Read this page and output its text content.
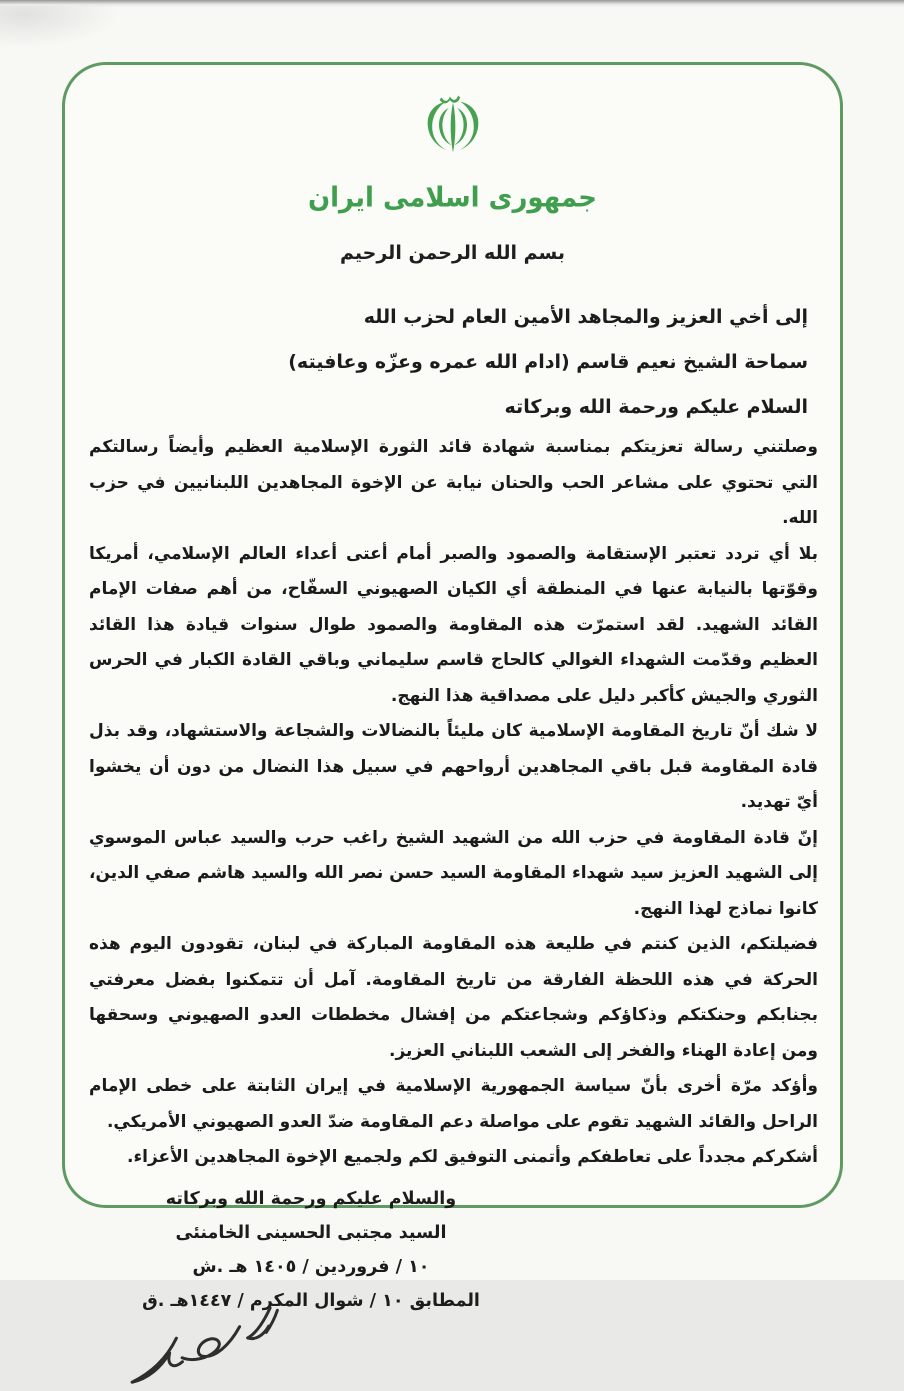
جمهوری اسلامی ایران
بسم الله الرحمن الرحيم

إلى أخي العزيز والمجاهد الأمين العام لحزب الله

سماحة الشيخ نعيم قاسم (ادام الله عمره وعزّه وعافيته)

السلام عليكم ورحمة الله وبركاته

وصلتني رسالة تعزيتكم بمناسبة شهادة قائد الثورة الإسلامية العظيم وأيضاً رسالتكم التي تحتوي على مشاعر الحب والحنان نيابة عن الإخوة المجاهدين اللبنانيين في حزب الله.

بلا أي تردد تعتبر الإستقامة والصمود والصبر أمام أعتى أعداء العالم الإسلامي، أمريكا وقوّتها بالنيابة عنها في المنطقة أي الكيان الصهيوني السفّاح، من أهم صفات الإمام القائد الشهيد. لقد استمرّت هذه المقاومة والصمود طوال سنوات قيادة هذا القائد العظيم وقدّمت الشهداء الغوالي كالحاج قاسم سليماني وباقي القادة الكبار في الحرس الثوري والجيش كأكبر دليل على مصداقية هذا النهج.

لا شك أنّ تاريخ المقاومة الإسلامية كان مليئاً بالنضالات والشجاعة والاستشهاد، وقد بذل قادة المقاومة قبل باقي المجاهدين أرواحهم في سبيل هذا النضال من دون أن يخشوا أيّ تهديد.

إنّ قادة المقاومة في حزب الله من الشهيد الشيخ راغب حرب والسيد عباس الموسوي إلى الشهيد العزيز سيد شهداء المقاومة السيد حسن نصر الله والسيد هاشم صفي الدين، كانوا نماذج لهذا النهج.

فضيلتكم، الذين كنتم في طليعة هذه المقاومة المباركة في لبنان، تقودون اليوم هذه الحركة في هذه اللحظة الفارقة من تاريخ المقاومة. آمل أن تتمكنوا بفضل معرفتي بجنابكم وحنكتكم وذكاؤكم وشجاعتكم من إفشال مخططات العدو الصهيوني وسحقها ومن إعادة الهناء والفخر إلى الشعب اللبناني العزيز.

وأؤكد مرّة أخرى بأنّ سياسة الجمهورية الإسلامية في إيران الثابتة على خطى الإمام الراحل والقائد الشهيد تقوم على مواصلة دعم المقاومة ضدّ العدو الصهيوني الأمريكي.

أشكركم مجدداً على تعاطفكم وأتمنى التوفيق لكم ولجميع الإخوة المجاهدين الأعزاء.

والسلام عليكم ورحمة الله وبركاته

السيد مجتبى الحسينى الخامنئى

١٠ / فروردين / ١٤٠٥ هـ .ش

المطابق ١٠ / شوال المكرم / ١٤٤٧هـ .ق
